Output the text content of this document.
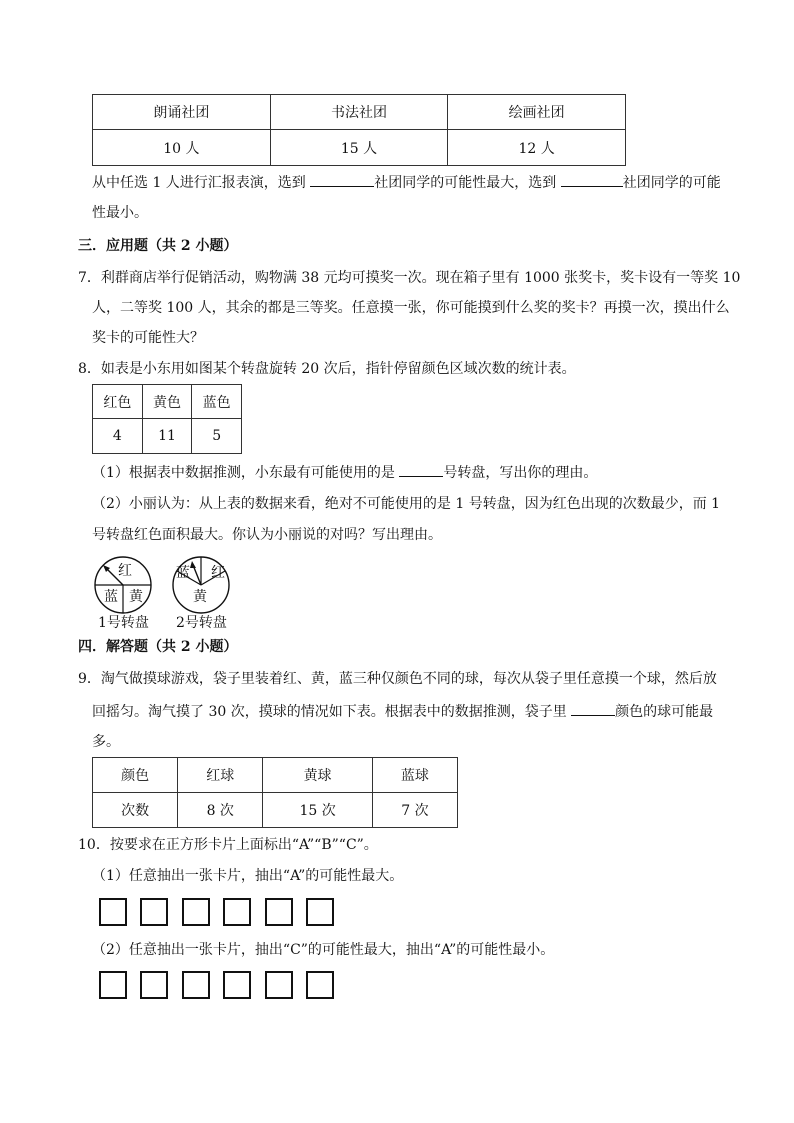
朗诵社团	书法社团	绘画社团
10 人	15 人	12 人
从中任选 1 人进行汇报表演，选到	社团同学的可能性最大，选到	社团同学的可能
性最小。
三．应用题（共 2 小题）
7．利群商店举行促销活动，购物满 38 元均可摸奖一次。现在箱子里有 1000 张奖卡，奖卡设有一等奖 10
人，二等奖 100 人，其余的都是三等奖。任意摸一张，你可能摸到什么奖的奖卡？再摸一次，摸出什么
奖卡的可能性大？
8．如表是小东用如图某个转盘旋转 20 次后，指针停留颜色区域次数的统计表。
红色	黄色	蓝色
4	11	5
（1）根据表中数据推测，小东最有可能使用的是	号转盘，写出你的理由。
（2）小丽认为：从上表的数据来看，绝对不可能使用的是 1 号转盘，因为红色出现的次数最少，而 1
号转盘红色面积最大。你认为小丽说的对吗？写出理由。
红
蓝 黄
1号转盘
蓝 红
黄
2号转盘
四．解答题（共 2 小题）
9．淘气做摸球游戏，袋子里装着红、黄，蓝三种仅颜色不同的球，每次从袋子里任意摸一个球，然后放
回摇匀。淘气摸了 30 次，摸球的情况如下表。根据表中的数据推测，袋子里	颜色的球可能最
多。
颜色	红球	黄球	蓝球
次数	8 次	15 次	7 次
10．按要求在正方形卡片上面标出“A”“B”“C”。
（1）任意抽出一张卡片，抽出“A”的可能性最大。
（2）任意抽出一张卡片，抽出“C”的可能性最大，抽出“A”的可能性最小。
